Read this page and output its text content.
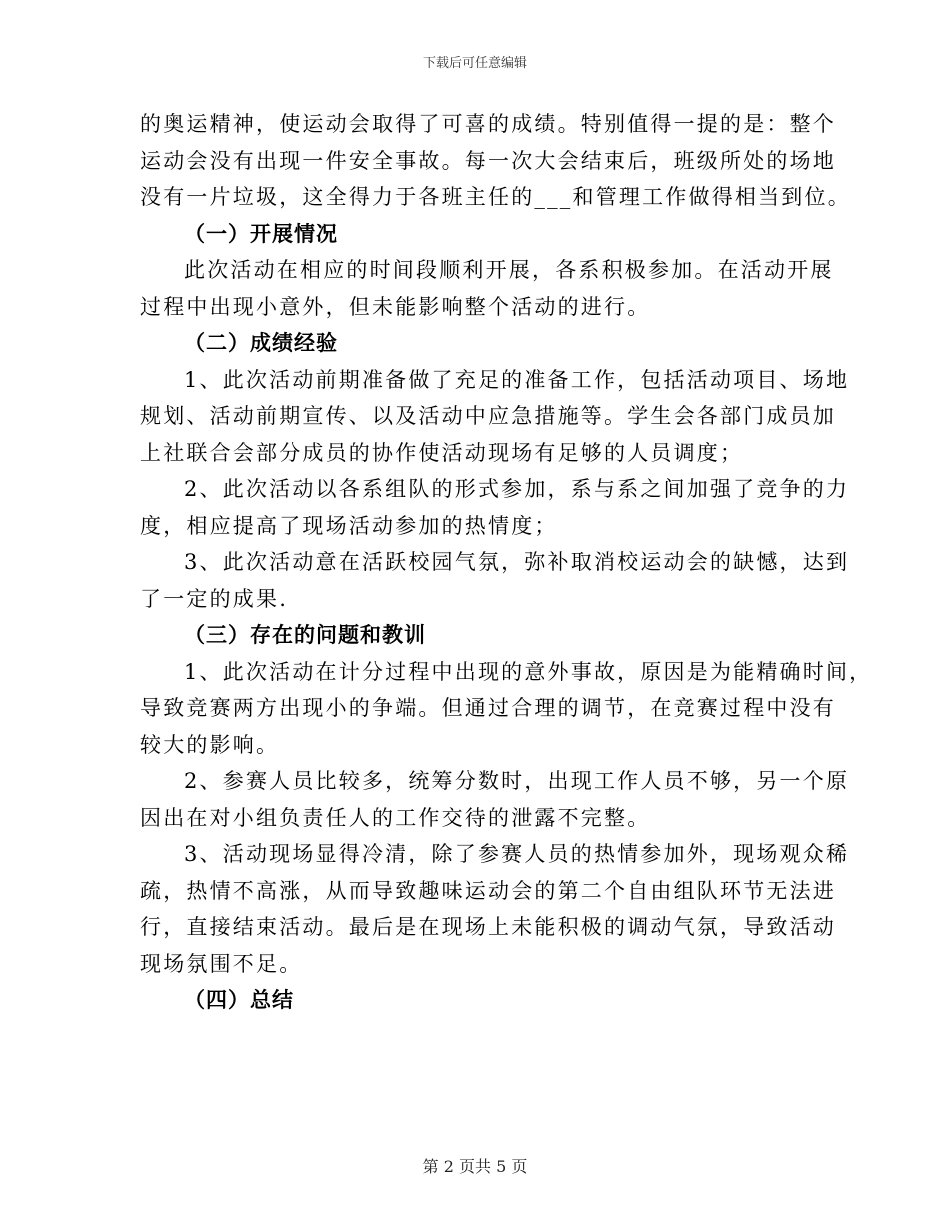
下载后可任意编辑
的奥运精神，使运动会取得了可喜的成绩。特别值得一提的是：整个
运动会没有出现一件安全事故。每一次大会结束后，班级所处的场地
没有一片垃圾，这全得力于各班主任的___和管理工作做得相当到位。
（一）开展情况
此次活动在相应的时间段顺利开展，各系积极参加。在活动开展
过程中出现小意外，但未能影响整个活动的进行。
（二）成绩经验
1、此次活动前期准备做了充足的准备工作，包括活动项目、场地
规划、活动前期宣传、以及活动中应急措施等。学生会各部门成员加
上社联合会部分成员的协作使活动现场有足够的人员调度；
2、此次活动以各系组队的形式参加，系与系之间加强了竞争的力
度，相应提高了现场活动参加的热情度；
3、此次活动意在活跃校园气氛，弥补取消校运动会的缺憾，达到
了一定的成果.
（三）存在的问题和教训
1、此次活动在计分过程中出现的意外事故，原因是为能精确时间，
导致竞赛两方出现小的争端。但通过合理的调节，在竞赛过程中没有
较大的影响。
2、参赛人员比较多，统筹分数时，出现工作人员不够，另一个原
因出在对小组负责任人的工作交待的泄露不完整。
3、活动现场显得冷清，除了参赛人员的热情参加外，现场观众稀
疏，热情不高涨，从而导致趣味运动会的第二个自由组队环节无法进
行，直接结束活动。最后是在现场上未能积极的调动气氛，导致活动
现场氛围不足。
（四）总结
第 2 页共 5 页
